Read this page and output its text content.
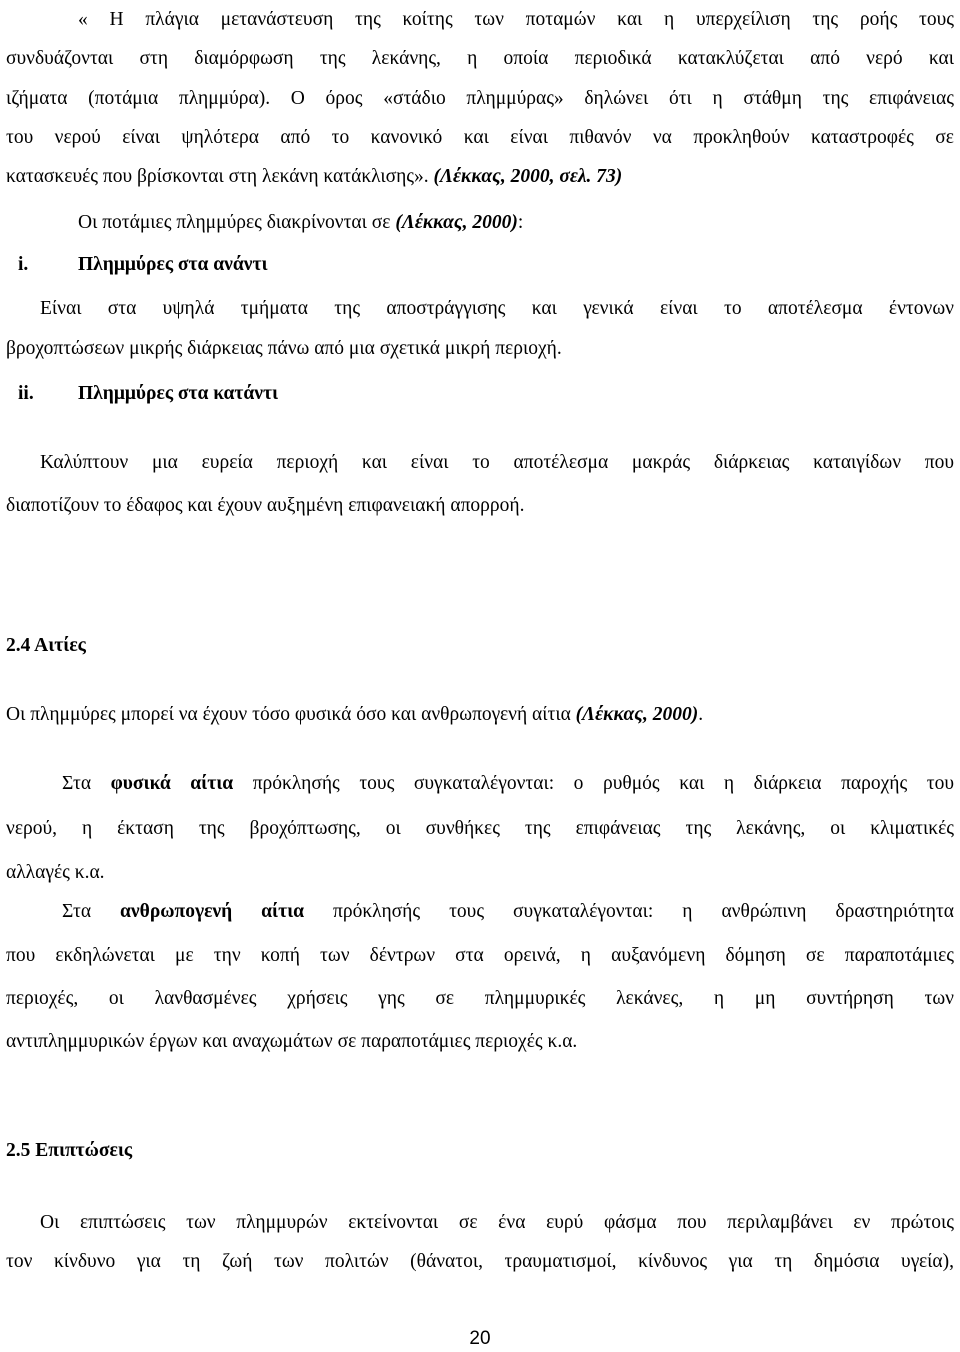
« Η πλάγια μετανάστευση της κοίτης των ποταμών και η υπερχείλιση της ροής τους
συνδυάζονται στη διαμόρφωση της λεκάνης, η οποία περιοδικά κατακλύζεται από νερό και
ιζήματα (ποτάμια πλημμύρα). Ο όρος «στάδιο πλημμύρας» δηλώνει ότι η στάθμη της επιφάνειας
του νερού είναι ψηλότερα από το κανονικό και είναι πιθανόν να προκληθούν καταστροφές σε
κατασκευές που βρίσκονται στη λεκάνη κατάκλισης». (Λέκκας, 2000, σελ. 73)
Οι ποτάμιες πλημμύρες διακρίνονται σε (Λέκκας, 2000):
i.	Πλημμύρες στα ανάντι
Είναι στα υψηλά τμήματα της αποστράγγισης και γενικά είναι το αποτέλεσμα έντονων
βροχοπτώσεων μικρής διάρκειας πάνω από μια σχετικά μικρή περιοχή.
ii. Πλημμύρες στα κατάντι
Καλύπτουν μια ευρεία περιοχή και είναι το αποτέλεσμα μακράς διάρκειας καταιγίδων που
διαποτίζουν το έδαφος και έχουν αυξημένη επιφανειακή απορροή.
2.4 Αιτίες
Οι πλημμύρες μπορεί να έχουν τόσο φυσικά όσο και ανθρωπογενή αίτια (Λέκκας, 2000).
Στα φυσικά αίτια πρόκλησής τους συγκαταλέγονται: ο ρυθμός και η διάρκεια παροχής του
νερού, η έκταση της βροχόπτωσης, οι συνθήκες της επιφάνειας της λεκάνης, οι κλιματικές
αλλαγές κ.α.
Στα ανθρωπογενή αίτια πρόκλησής τους συγκαταλέγονται: η ανθρώπινη δραστηριότητα
που εκδηλώνεται με την κοπή των δέντρων στα ορεινά, η αυξανόμενη δόμηση σε παραποτάμιες
περιοχές, οι λανθασμένες χρήσεις γης σε πλημμυρικές λεκάνες, η μη συντήρηση των
αντιπλημμυρικών έργων και αναχωμάτων σε παραποτάμιες περιοχές κ.α.
2.5 Επιπτώσεις
Οι επιπτώσεις των πλημμυρών εκτείνονται σε ένα ευρύ φάσμα που περιλαμβάνει εν πρώτοις
τον κίνδυνο για τη ζωή των πολιτών (θάνατοι, τραυματισμοί, κίνδυνος για τη δημόσια υγεία),
20
